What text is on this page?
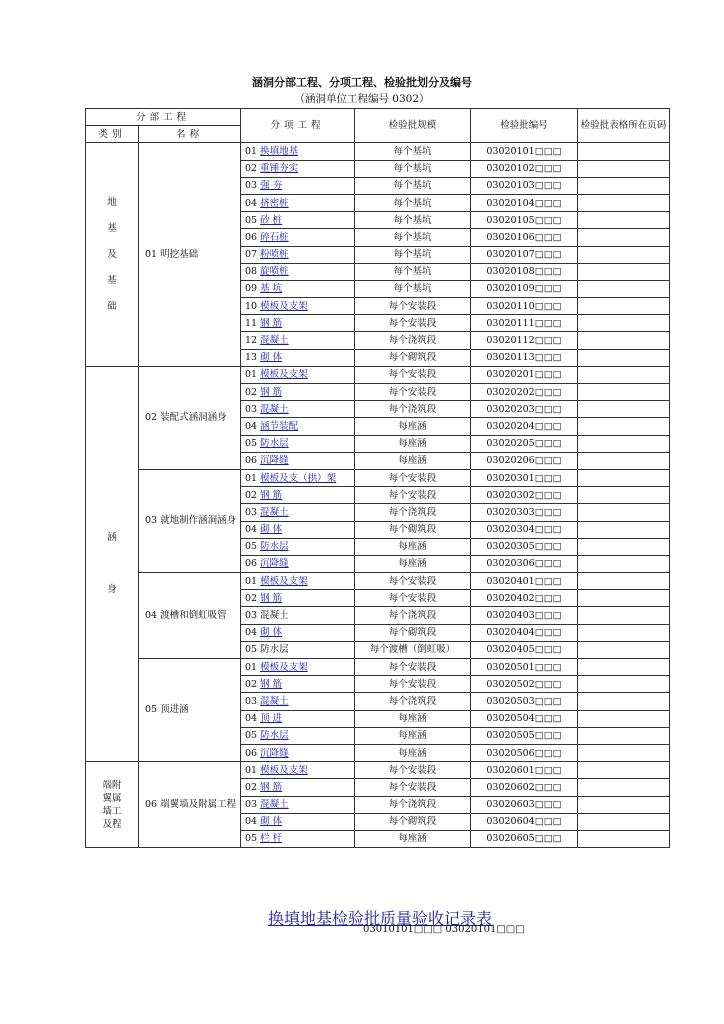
涵洞分部工程、分项工程、检验批划分及编号
（涵洞单位工程编号 0302）
分部工程		分项工程	检验批规模	检验批编号	检验批表格所在页码
类别	名称				
地

基

及

基

础	01 明挖基础	01 换填地基	每个基坑	03020101□□□	
		02 重锤夯实	每个基坑	03020102□□□	
		03 强 夯	每个基坑	03020103□□□	
		04 挤密桩	每个基坑	03020104□□□	
		05 砂 桩	每个基坑	03020105□□□	
		06 碎石桩	每个基坑	03020106□□□	
		07 粉喷桩	每个基坑	03020107□□□	
		08 旋喷桩	每个基坑	03020108□□□	
		09 基 坑	每个基坑	03020109□□□	
		10 模板及支架	每个安装段	03020110□□□	
		11 钢 筋	每个安装段	03020111□□□	
		12 混凝土	每个浇筑段	03020112□□□	
		13 砌 体	每个砌筑段	03020113□□□	
涵

身	02 装配式涵洞涵身	01 模板及支架	每个安装段	03020201□□□	
		02 钢 筋	每个安装段	03020202□□□	
		03 混凝土	每个浇筑段	03020203□□□	
		04 涵节装配	每座涵	03020204□□□	
		05 防水层	每座涵	03020205□□□	
		06 沉降缝	每座涵	03020206□□□	
	03 就地制作涵洞涵身	01 模板及支（拱）架	每个安装段	03020301□□□	
		02 钢 筋	每个安装段	03020302□□□	
		03 混凝土	每个浇筑段	03020303□□□	
		04 砌 体	每个砌筑段	03020304□□□	
		05 防水层	每座涵	03020305□□□	
		06 沉降缝	每座涵	03020306□□□	
	04 渡槽和倒虹吸管	01 模板及支架	每个安装段	03020401□□□	
		02 钢 筋	每个安装段	03020402□□□	
		03 混凝土	每个浇筑段	03020403□□□	
		04 砌 体	每个砌筑段	03020404□□□	
		05 防水层	每个渡槽（倒虹吸）	03020405□□□	
	05 顶进涵	01 模板及支架	每个安装段	03020501□□□	
		02 钢 筋	每个安装段	03020502□□□	
		03 混凝土	每个浇筑段	03020503□□□	
		04 顶 进	每座涵	03020504□□□	
		05 防水层	每座涵	03020505□□□	
		06 沉降缝	每座涵	03020506□□□	
端附
翼属
墙工
及程	06 端翼墙及附属工程	01 模板及支架	每个安装段	03020601□□□	
		02 钢 筋	每个安装段	03020602□□□	
		03 混凝土	每个浇筑段	03020603□□□	
		04 砌 体	每个砌筑段	03020604□□□	
		05 栏 杆	每座涵	03020605□□□	
换填地基检验批质量验收记录表
03010101□□□ 03020101□□□
